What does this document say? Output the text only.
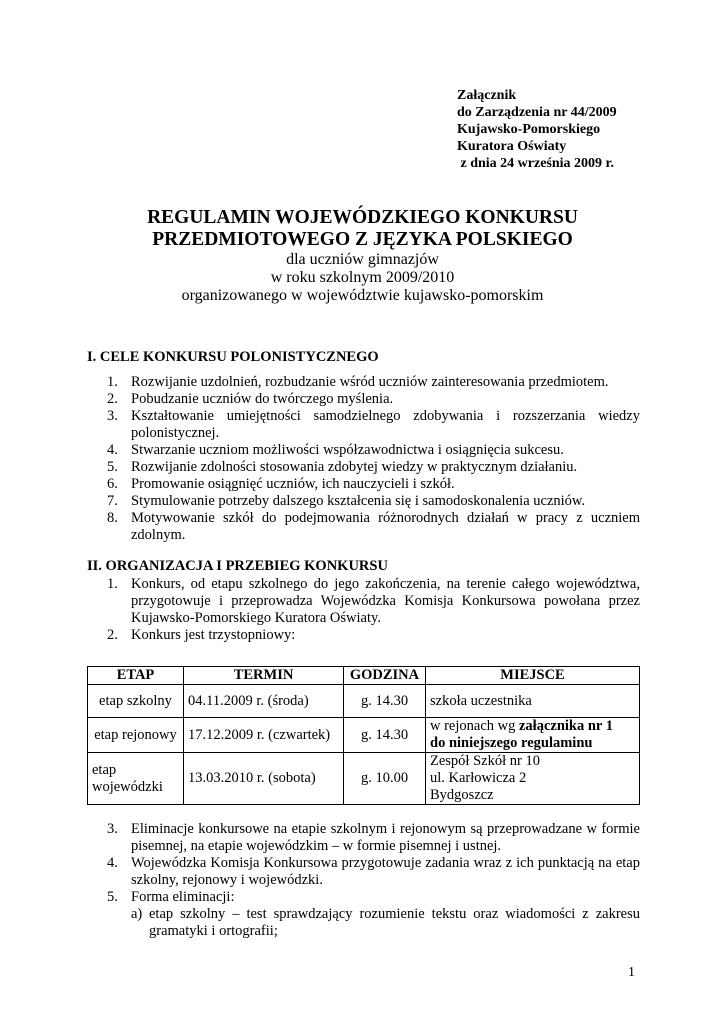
Załącznik
do Zarządzenia nr 44/2009
Kujawsko-Pomorskiego
Kuratora Oświaty
z dnia 24 września 2009 r.
REGULAMIN WOJEWÓDZKIEGO KONKURSU
PRZEDMIOTOWEGO Z JĘZYKA POLSKIEGO
dla uczniów gimnazjów
w roku szkolnym 2009/2010
organizowanego w województwie kujawsko-pomorskim
I. CELE KONKURSU POLONISTYCZNEGO
1. Rozwijanie uzdolnień, rozbudzanie wśród uczniów zainteresowania przedmiotem.
2. Pobudzanie uczniów do twórczego myślenia.
3. Kształtowanie umiejętności samodzielnego zdobywania i rozszerzania wiedzy polonistycznej.
4. Stwarzanie uczniom możliwości współzawodnictwa i osiągnięcia sukcesu.
5. Rozwijanie zdolności stosowania zdobytej wiedzy w praktycznym działaniu.
6. Promowanie osiągnięć uczniów, ich nauczycieli i szkół.
7. Stymulowanie potrzeby dalszego kształcenia się i samodoskonalenia uczniów.
8. Motywowanie szkół do podejmowania różnorodnych działań w pracy z uczniem zdolnym.
II. ORGANIZACJA I PRZEBIEG KONKURSU
1. Konkurs, od etapu szkolnego do jego zakończenia, na terenie całego województwa, przygotowuje i przeprowadza Wojewódzka Komisja Konkursowa powołana przez Kujawsko-Pomorskiego Kuratora Oświaty.
2. Konkurs jest trzystopniowy:
ETAP	TERMIN	GODZINA	MIEJSCE
etap szkolny	04.11.2009 r. (środa)	g. 14.30	szkoła uczestnika
etap rejonowy	17.12.2009 r. (czwartek)	g. 14.30	w rejonach wg załącznika nr 1
do niniejszego regulaminu
etap
wojewódzki	13.03.2010 r. (sobota)	g. 10.00	Zespół Szkół nr 10
ul. Karłowicza 2
Bydgoszcz
3. Eliminacje konkursowe na etapie szkolnym i rejonowym są przeprowadzane w formie pisemnej, na etapie wojewódzkim – w formie pisemnej i ustnej.
4. Wojewódzka Komisja Konkursowa przygotowuje zadania wraz z ich punktacją na etap szkolny, rejonowy i wojewódzki.
5. Forma eliminacji:
a) etap szkolny – test sprawdzający rozumienie tekstu oraz wiadomości z zakresu gramatyki i ortografii;
1
